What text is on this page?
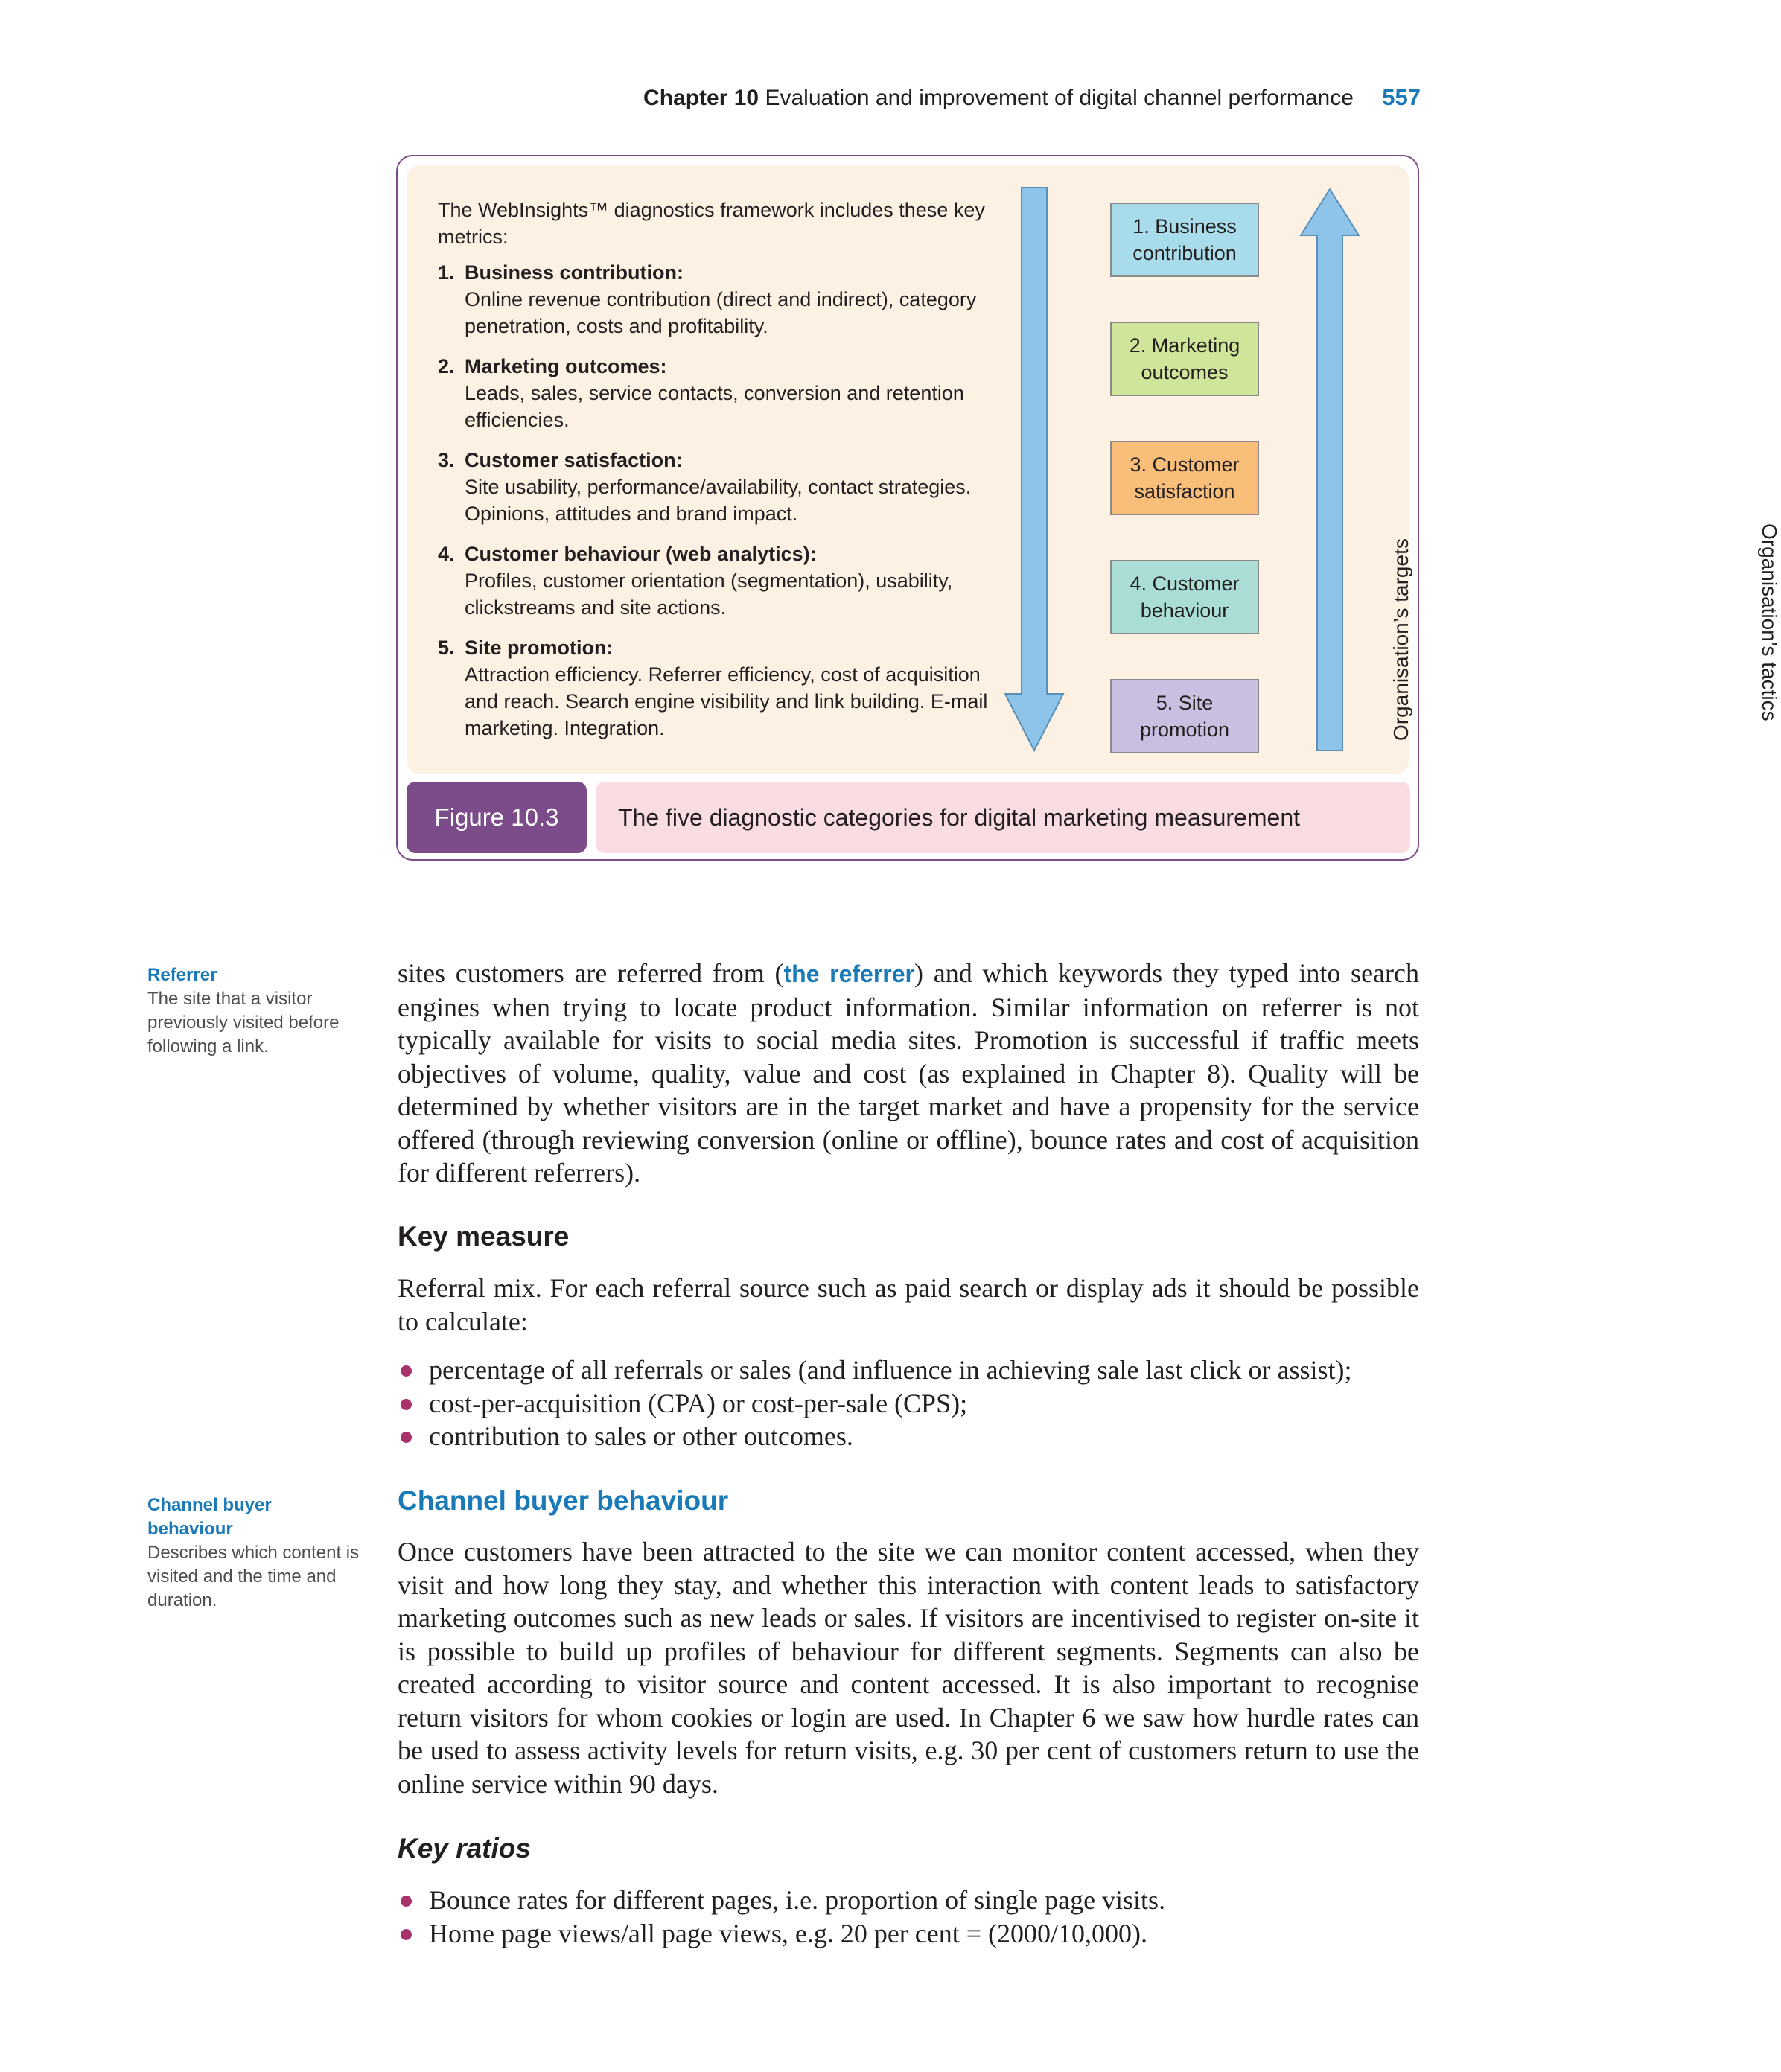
Chapter 10 Evaluation and improvement of digital channel performance 557

The WebInsights™ diagnostics framework includes these key metrics:

1. Business contribution:
Online revenue contribution (direct and indirect), category penetration, costs and profitability.
2. Marketing outcomes:
Leads, sales, service contacts, conversion and retention efficiencies.
3. Customer satisfaction:
Site usability, performance/availability, contact strategies. Opinions, attitudes and brand impact.
4. Customer behaviour (web analytics):
Profiles, customer orientation (segmentation), usability, clickstreams and site actions.
5. Site promotion:
Attraction efficiency. Referrer efficiency, cost of acquisition and reach. Search engine visibility and link building. E-mail marketing. Integration.	Organisation’s targets
1. Business contribution
2. Marketing outcomes
3. Customer satisfaction
4. Customer behaviour
5. Site promotion
Organisation’s tactics
Figure 10.3	The five diagnostic categories for digital marketing measurement
Referrer
The site that a visitor previously visited before following a link.
Channel buyer behaviour
Describes which content is visited and the time and duration.

sites customers are referred from (the referrer) and which keywords they typed into search engines when trying to locate product information. Similar information on referrer is not typically available for visits to social media sites. Promotion is successful if traffic meets objectives of volume, quality, value and cost (as explained in Chapter 8). Quality will be determined by whether visitors are in the target market and have a propensity for the service offered (through reviewing conversion (online or offline), bounce rates and cost of acquisition for different referrers).

Key measure

Referral mix. For each referral source such as paid search or display ads it should be possible to calculate:

percentage of all referrals or sales (and influence in achieving sale last click or assist);
cost-per-acquisition (CPA) or cost-per-sale (CPS);
contribution to sales or other outcomes.
Channel buyer behaviour

Once customers have been attracted to the site we can monitor content accessed, when they visit and how long they stay, and whether this interaction with content leads to satisfactory marketing outcomes such as new leads or sales. If visitors are incentivised to register on-site it is possible to build up profiles of behaviour for different segments. Segments can also be created according to visitor source and content accessed. It is also important to recognise return visitors for whom cookies or login are used. In Chapter 6 we saw how hurdle rates can be used to assess activity levels for return visits, e.g. 30 per cent of customers return to use the online service within 90 days.

Key ratios
Bounce rates for different pages, i.e. proportion of single page visits.
Home page views/all page views, e.g. 20 per cent = (2000/10,000).
